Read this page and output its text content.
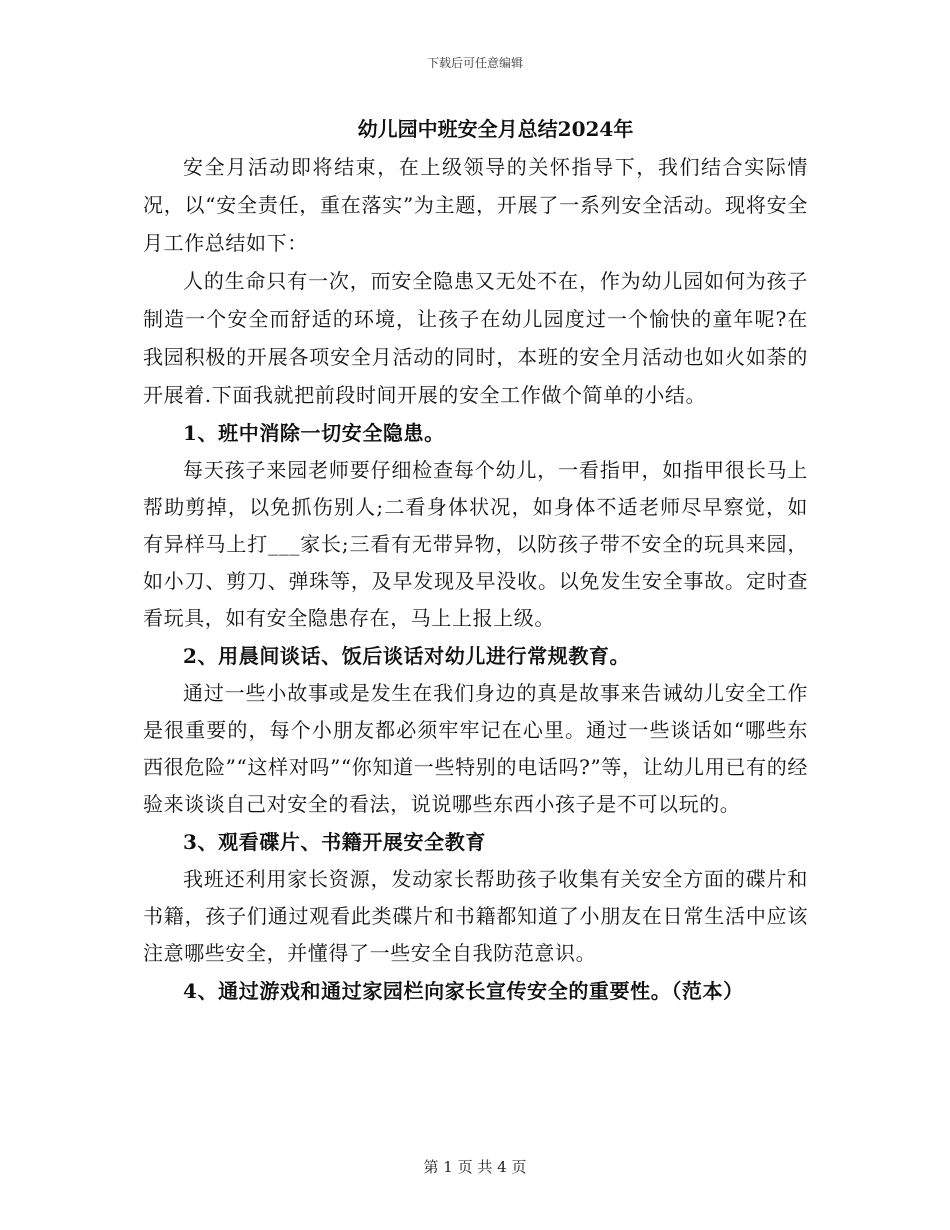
下载后可任意编辑
幼儿园中班安全月总结2024年

安全月活动即将结束，在上级领导的关怀指导下，我们结合实际情况，以“安全责任，重在落实”为主题，开展了一系列安全活动。现将安全月工作总结如下：

人的生命只有一次，而安全隐患又无处不在，作为幼儿园如何为孩子制造一个安全而舒适的环境，让孩子在幼儿园度过一个愉快的童年呢?在我园积极的开展各项安全月活动的同时，本班的安全月活动也如火如荼的开展着.下面我就把前段时间开展的安全工作做个简单的小结。

1、班中消除一切安全隐患。

每天孩子来园老师要仔细检查每个幼儿，一看指甲，如指甲很长马上帮助剪掉，以免抓伤别人;二看身体状况，如身体不适老师尽早察觉，如有异样马上打___家长;三看有无带异物，以防孩子带不安全的玩具来园，如小刀、剪刀、弹珠等，及早发现及早没收。以免发生安全事故。定时查看玩具，如有安全隐患存在，马上上报上级。

2、用晨间谈话、饭后谈话对幼儿进行常规教育。

通过一些小故事或是发生在我们身边的真是故事来告诫幼儿安全工作是很重要的，每个小朋友都必须牢牢记在心里。通过一些谈话如“哪些东西很危险”“这样对吗”“你知道一些特别的电话吗?”等，让幼儿用已有的经验来谈谈自己对安全的看法，说说哪些东西小孩子是不可以玩的。

3、观看碟片、书籍开展安全教育

我班还利用家长资源，发动家长帮助孩子收集有关安全方面的碟片和书籍，孩子们通过观看此类碟片和书籍都知道了小朋友在日常生活中应该注意哪些安全，并懂得了一些安全自我防范意识。

4、通过游戏和通过家园栏向家长宣传安全的重要性。（范本）
第 1 页 共 4 页
